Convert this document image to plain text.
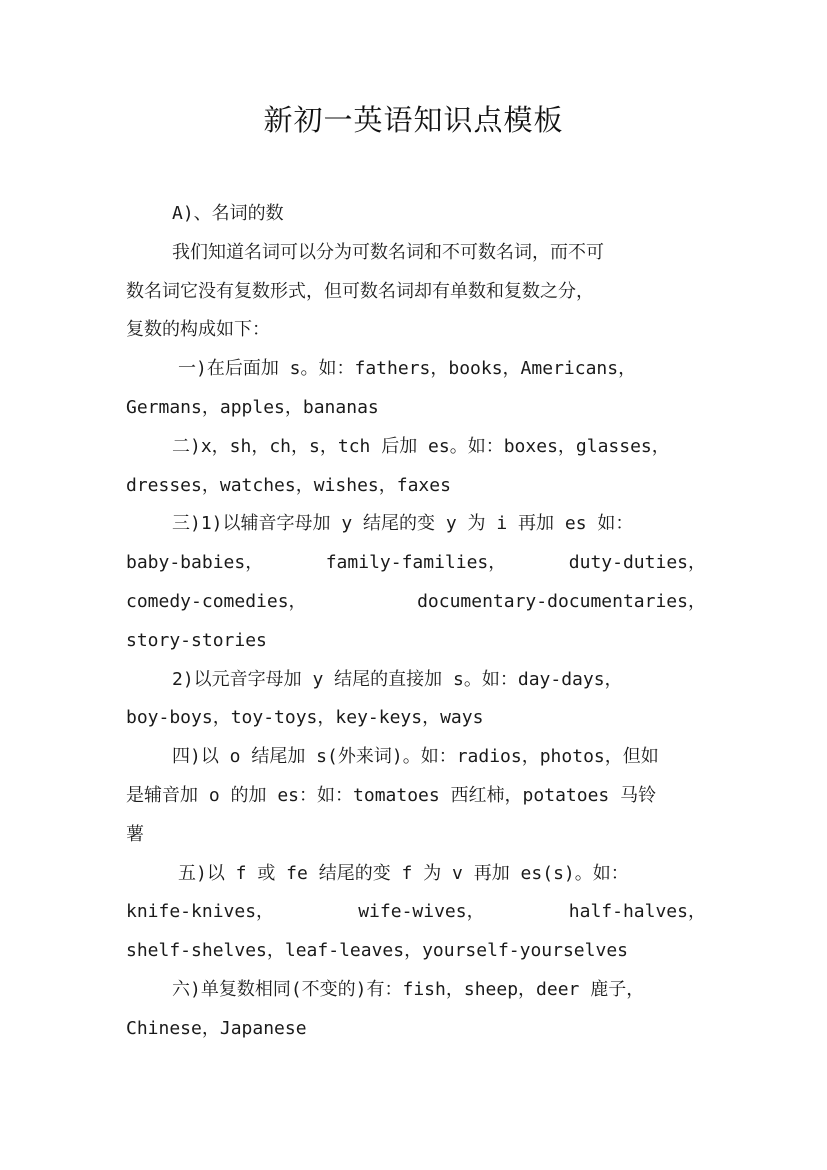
新初一英语知识点模板
A)、名词的数
我们知道名词可以分为可数名词和不可数名词，而不可
数名词它没有复数形式，但可数名词却有单数和复数之分，
复数的构成如下：
一)在后面加 s。如：fathers，books，Americans，
Germans，apples，bananas
二)x，sh，ch，s，tch 后加 es。如：boxes，glasses，
dresses，watches，wishes，faxes
三)1)以辅音字母加 y 结尾的变 y 为 i 再加 es 如：
baby-babies，	family-families，	duty-duties，
comedy-comedies，	documentary-documentaries，
story-stories
2)以元音字母加 y 结尾的直接加 s。如：day-days，
boy-boys，toy-toys，key-keys，ways
四)以 o 结尾加 s(外来词)。如：radios，photos，但如
是辅音加 o 的加 es：如：tomatoes 西红柿，potatoes 马铃
薯
五)以 f 或 fe 结尾的变 f 为 v 再加 es(s)。如：
knife-knives，	wife-wives，	half-halves，
shelf-shelves，leaf-leaves，yourself-yourselves
六)单复数相同(不变的)有：fish，sheep，deer 鹿子，
Chinese，Japanese
